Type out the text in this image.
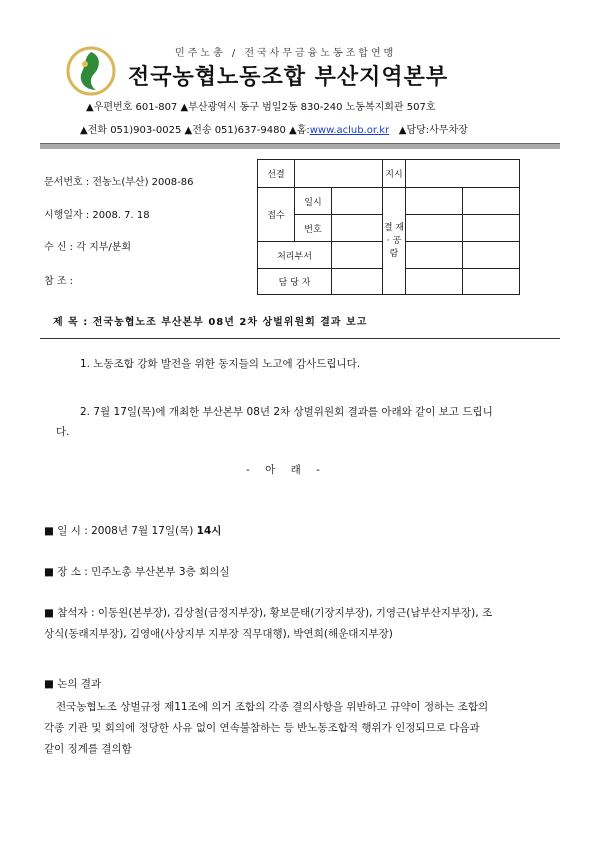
민주노총 / 전국사무금융노동조합연맹
전국농협노동조합 부산지역본부
▲우편번호 601-807 ▲부산광역시 동구 범일2동 830-240 노동복지회관 507호
▲전화 051)903-0025 ▲전송 051)637-9480 ▲홈:www.aclub.or.kr ▲담당:사무차장
문서번호 : 전농노(부산) 2008-86
시행일자 : 2008. 7. 18
수 신 : 각 지부/분회
참 조 :
선결			지시		
접수	일시		결 재 · 공 람		
	번호				
처리부서					
담 당 자					
제 목 : 전국농협노조 부산본부 08년 2차 상벌위원회 결과 보고
1. 노동조합 강화 발전을 위한 동지들의 노고에 감사드립니다.
2. 7월 17일(목)에 개최한 부산본부 08년 2차 상벌위원회 결과를 아래와 같이 보고 드립니
다.
- 아 래 -
■ 일 시 : 2008년 7월 17일(목) 14시
■ 장 소 : 민주노총 부산본부 3층 회의실
■ 참석자 : 이동원(본부장), 김상철(금정지부장), 황보문태(기장지부장), 기영근(남부산지부장), 조
상식(동래지부장), 김영애(사상지부 지부장 직무대행), 박연희(해운대지부장)
■ 논의 결과
전국농협노조 상벌규정 제11조에 의거 조합의 각종 결의사항을 위반하고 규약이 정하는 조합의
각종 기관 및 회의에 정당한 사유 없이 연속불참하는 등 반노동조합적 행위가 인정되므로 다음과
같이 징계를 결의함
